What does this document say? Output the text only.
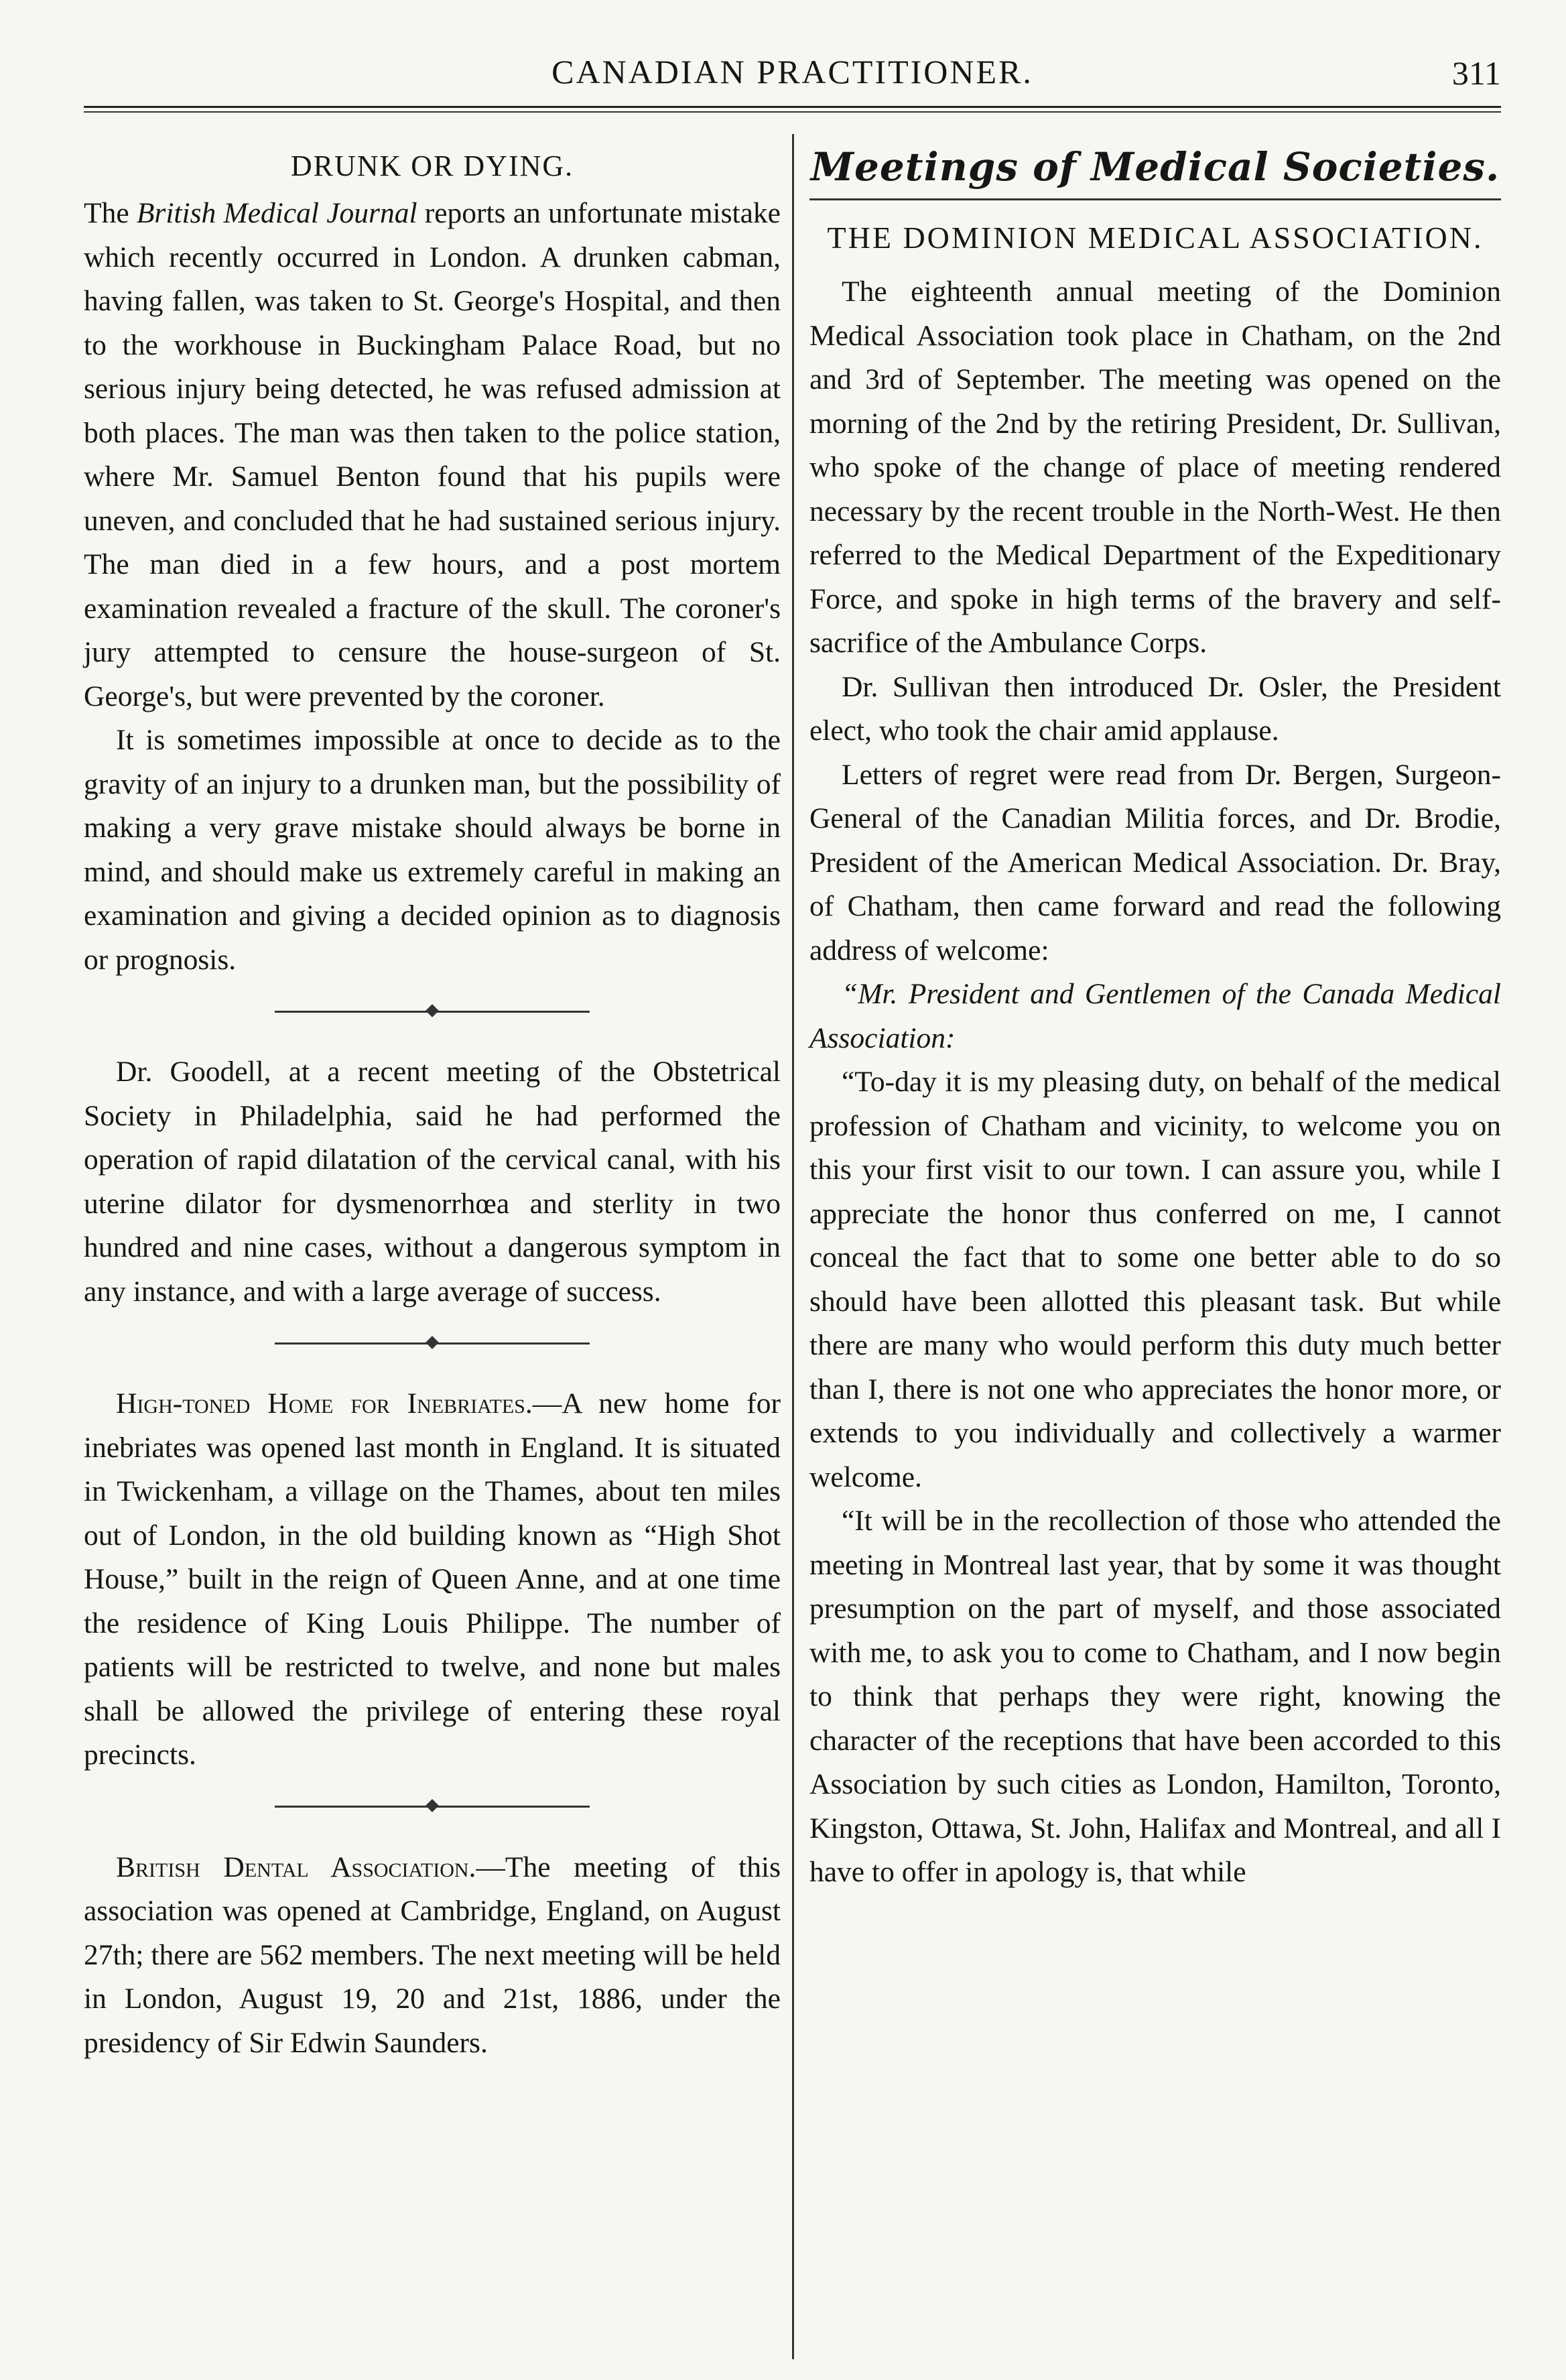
CANADIAN PRACTITIONER.	311
DRUNK OR DYING.

The British Medical Journal reports an unfortunate mistake which recently occurred in London. A drunken cabman, having fallen, was taken to St. George's Hospital, and then to the workhouse in Buckingham Palace Road, but no serious injury being detected, he was refused admission at both places. The man was then taken to the police station, where Mr. Samuel Benton found that his pupils were uneven, and concluded that he had sustained serious injury. The man died in a few hours, and a post mortem examination revealed a fracture of the skull. The coroner's jury attempted to censure the house-surgeon of St. George's, but were prevented by the coroner.

It is sometimes impossible at once to decide as to the gravity of an injury to a drunken man, but the possibility of making a very grave mistake should always be borne in mind, and should make us extremely careful in making an examination and giving a decided opinion as to diagnosis or prognosis.

Dr. Goodell, at a recent meeting of the Obstetrical Society in Philadelphia, said he had performed the operation of rapid dilatation of the cervical canal, with his uterine dilator for dysmenorrhœa and sterlity in two hundred and nine cases, without a dangerous symptom in any instance, and with a large average of success.

High-toned Home for Inebriates.—A new home for inebriates was opened last month in England. It is situated in Twickenham, a village on the Thames, about ten miles out of London, in the old building known as “High Shot House,” built in the reign of Queen Anne, and at one time the residence of King Louis Philippe. The number of patients will be restricted to twelve, and none but males shall be allowed the privilege of entering these royal precincts.

British Dental Association.—The meeting of this association was opened at Cambridge, England, on August 27th; there are 562 members. The next meeting will be held in London, August 19, 20 and 21st, 1886, under the presidency of Sir Edwin Saunders.

Meetings of Medical Societies.
THE DOMINION MEDICAL ASSOCIATION.

The eighteenth annual meeting of the Dominion Medical Association took place in Chatham, on the 2nd and 3rd of September. The meeting was opened on the morning of the 2nd by the retiring President, Dr. Sullivan, who spoke of the change of place of meeting rendered necessary by the recent trouble in the North-West. He then referred to the Medical Department of the Expeditionary Force, and spoke in high terms of the bravery and self-sacrifice of the Ambulance Corps.

Dr. Sullivan then introduced Dr. Osler, the President elect, who took the chair amid applause.

Letters of regret were read from Dr. Bergen, Surgeon-General of the Canadian Militia forces, and Dr. Brodie, President of the American Medical Association. Dr. Bray, of Chatham, then came forward and read the following address of welcome:

“Mr. President and Gentlemen of the Canada Medical Association:

“To-day it is my pleasing duty, on behalf of the medical profession of Chatham and vicinity, to welcome you on this your first visit to our town. I can assure you, while I appreciate the honor thus conferred on me, I cannot conceal the fact that to some one better able to do so should have been allotted this pleasant task. But while there are many who would perform this duty much better than I, there is not one who appreciates the honor more, or extends to you individually and collectively a warmer welcome.

“It will be in the recollection of those who attended the meeting in Montreal last year, that by some it was thought presumption on the part of myself, and those associated with me, to ask you to come to Chatham, and I now begin to think that perhaps they were right, knowing the character of the receptions that have been accorded to this Association by such cities as London, Hamilton, Toronto, Kingston, Ottawa, St. John, Halifax and Montreal, and all I have to offer in apology is, that while
